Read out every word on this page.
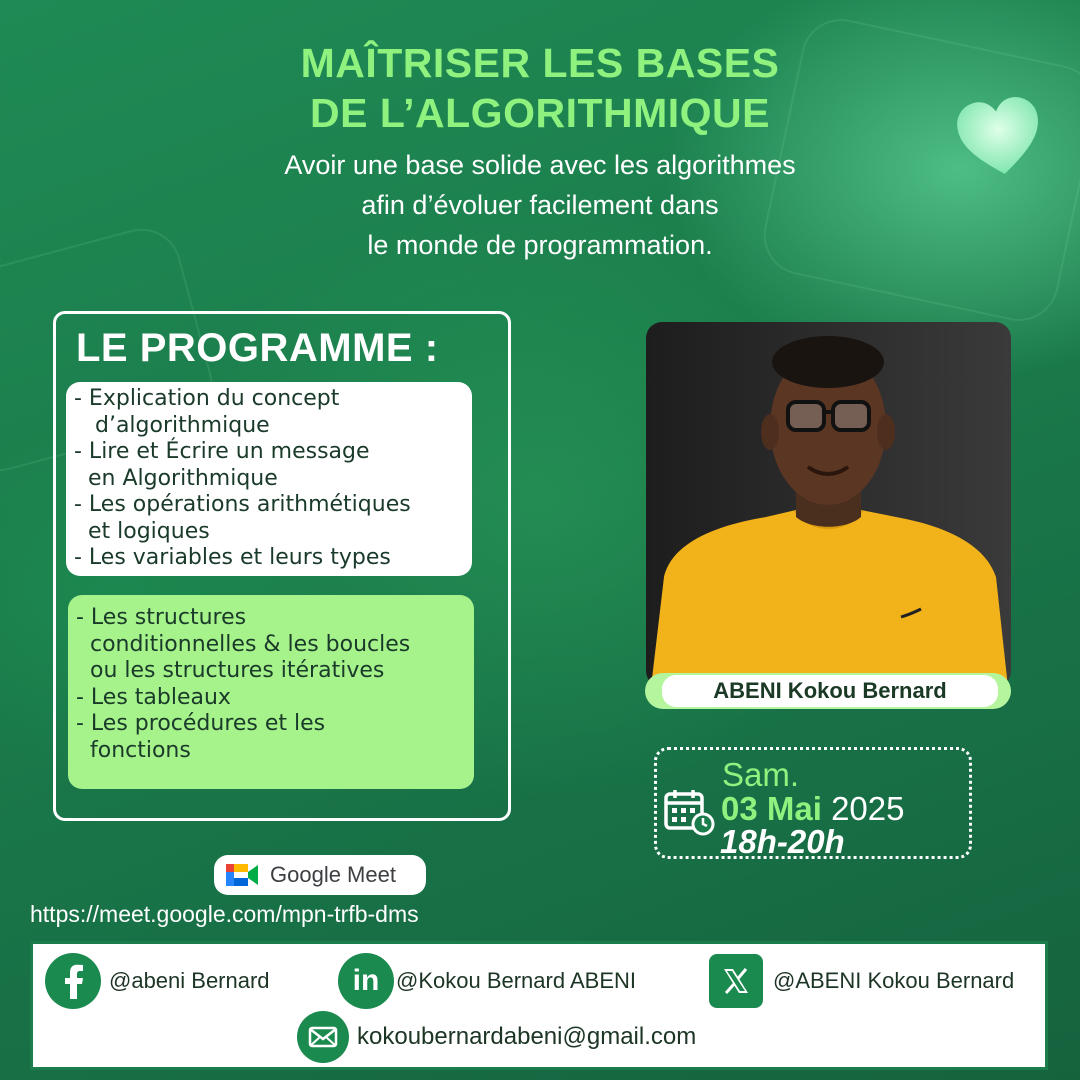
MAÎTRISER LES BASES
DE L’ALGORITHMIQUE
Avoir une base solide avec les algorithmes
afin d’évoluer facilement dans
le monde de programmation.
LE PROGRAMME :
- Explication du concept
d’algorithmique
- Lire et Écrire un message
en Algorithmique
- Les opérations arithmétiques
et logiques
- Les variables et leurs types
- Les structures
conditionnelles & les boucles
ou les structures itératives
- Les tableaux
- Les procédures et les
fonctions
ABENI Kokou Bernard
Sam.
03 Mai 2025
18h-20h
Google Meet
https://meet.google.com/mpn-trfb-dms
@abeni Bernard	in @Kokou Bernard ABENI	@ABENI Kokou Bernard
kokoubernardabeni@gmail.com
